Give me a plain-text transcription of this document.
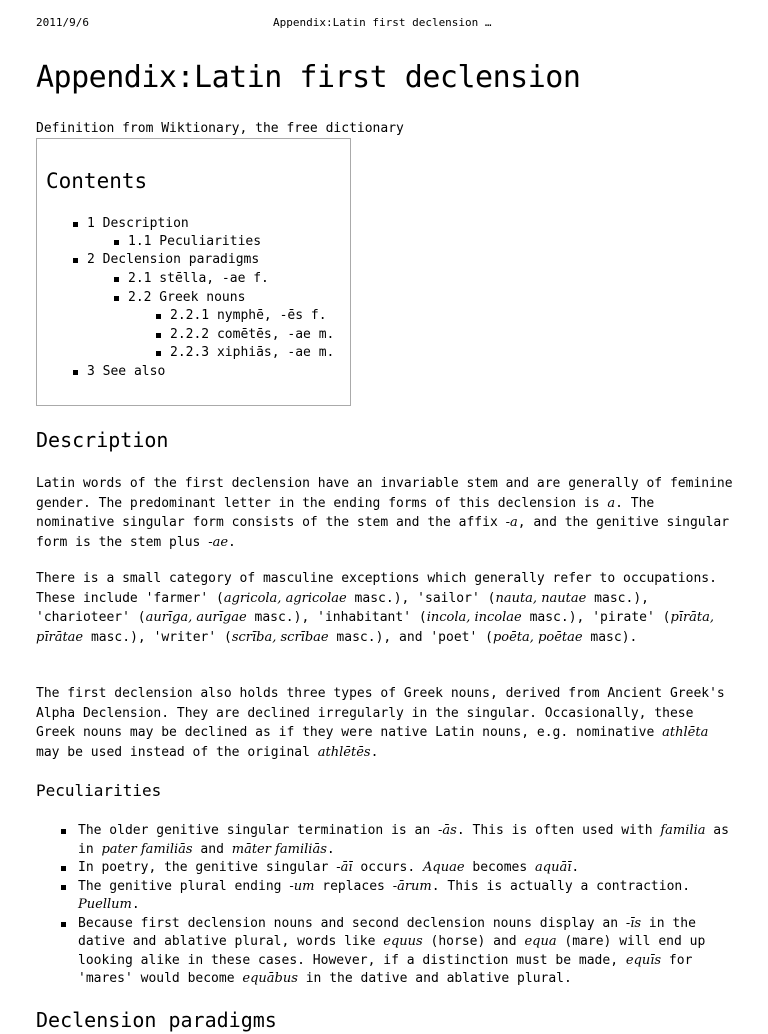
2011/9/6	Appendix:Latin first declension …
Appendix:Latin first declension
Definition from Wiktionary, the free dictionary
Contents
1 Description
1.1 Peculiarities
2 Declension paradigms
2.1 stēlla, -ae f.
2.2 Greek nouns
2.2.1 nymphē, -ēs f.
2.2.2 comētēs, -ae m.
2.2.3 xiphiās, -ae m.
3 See also
Description

Latin words of the first declension have an invariable stem and are generally of feminine gender. The predominant letter in the ending forms of this declension is a. The nominative singular form consists of the stem and the affix -a, and the genitive singular form is the stem plus -ae.

There is a small category of masculine exceptions which generally refer to occupations. These include 'farmer' (agricola, agricolae masc.), 'sailor' (nauta, nautae masc.), 'charioteer' (aurīga, aurīgae masc.), 'inhabitant' (incola, incolae masc.), 'pirate' (pīrāta, pīrātae masc.), 'writer' (scrība, scrībae masc.), and 'poet' (poēta, poētae masc).

The first declension also holds three types of Greek nouns, derived from Ancient Greek's Alpha Declension. They are declined irregularly in the singular. Occasionally, these Greek nouns may be declined as if they were native Latin nouns, e.g. nominative athlēta may be used instead of the original athlētēs.

Peculiarities
The older genitive singular termination is an -ās. This is often used with familia as in pater familiās and māter familiās.
In poetry, the genitive singular -āī occurs. Aquae becomes aquāī.
The genitive plural ending -um replaces -ārum. This is actually a contraction. Puellum.
Because first declension nouns and second declension nouns display an -īs in the dative and ablative plural, words like equus (horse) and equa (mare) will end up looking alike in these cases. However, if a distinction must be made, equīs for 'mares' would become equābus in the dative and ablative plural.
Declension paradigms
